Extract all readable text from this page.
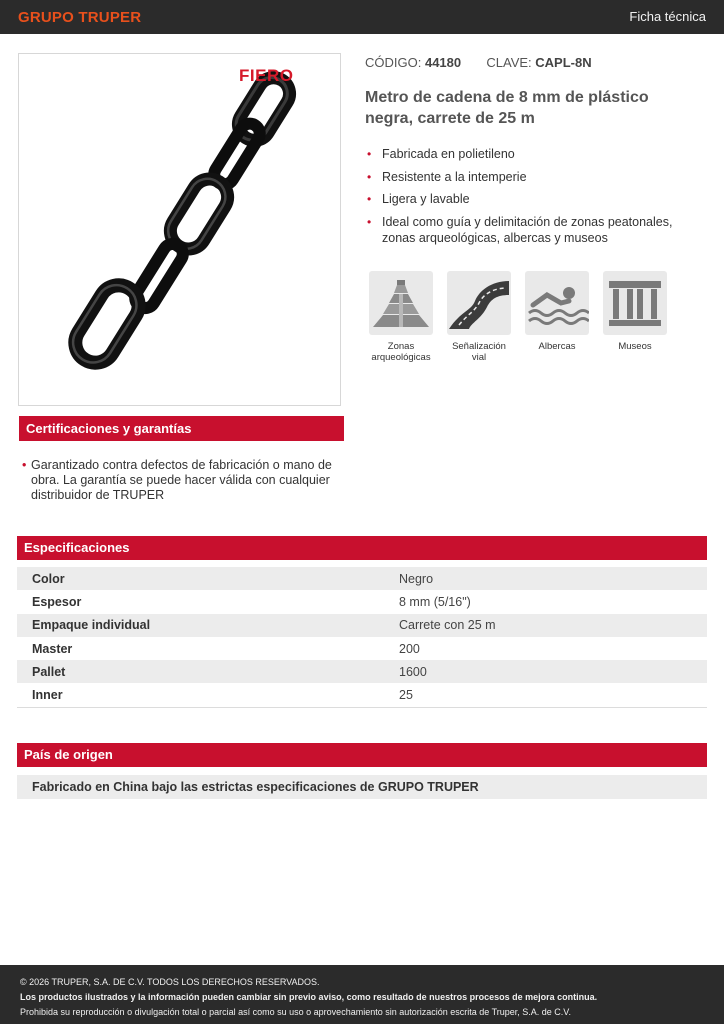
GRUPO TRUPER	Ficha técnica
FIERO
CÓDIGO: 44180 CLAVE: CAPL-8N
Metro de cadena de 8 mm de plástico negra, carrete de 25 m
• Fabricada en polietileno
• Resistente a la intemperie
• Ligera y lavable
• Ideal como guía y delimitación de zonas peatonales, zonas arqueológicas, albercas y museos
Zonas arqueológicas
Señalización vial
Albercas	Museos
Certificaciones y garantías
• Garantizado contra defectos de fabricación o mano de obra. La garantía se puede hacer válida con cualquier distribuidor de TRUPER
Especificaciones
Color	Negro
Espesor	8 mm (5/16")
Empaque individual	Carrete con 25 m
Master	200
Pallet	1600
Inner	25
País de origen
Fabricado en China bajo las estrictas especificaciones de GRUPO TRUPER
© 2026 TRUPER, S.A. DE C.V. TODOS LOS DERECHOS RESERVADOS.
Los productos ilustrados y la información pueden cambiar sin previo aviso, como resultado de nuestros procesos de mejora continua.
Prohibida su reproducción o divulgación total o parcial así como su uso o aprovechamiento sin autorización escrita de Truper, S.A. de C.V.
